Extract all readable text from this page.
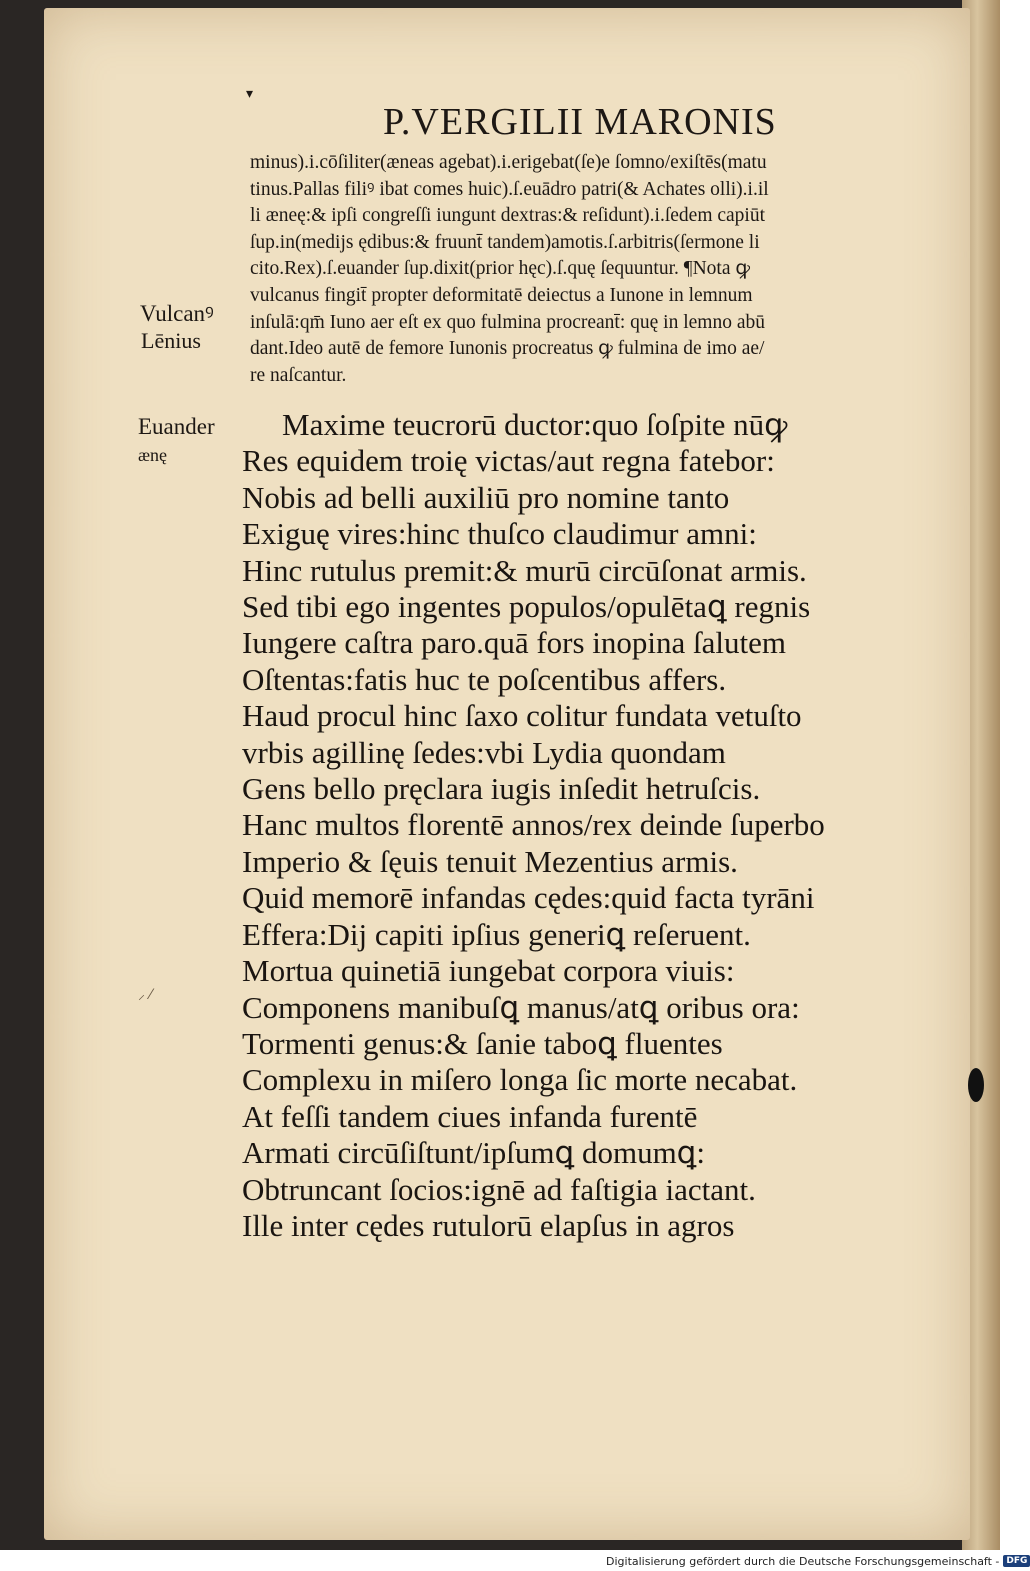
▾
P.VERGILII MARONIS
minus).i.cōſiliter(æneas agebat).i.erigebat(ſe)e ſomno/exiſtēs(matu
tinus.Pallas filiꝰ ibat comes huic).ſ.euādro patri(& Achates olli).i.il
li æneę:& ipſi congreſſi iungunt dextras:& reſidunt).i.ſedem capiūt
ſup.in(medijs ędibus:& fruunt̄ tandem)amotis.ſ.arbitris(ſermone li
cito.Rex).ſ.euander ſup.dixit(prior hęc).ſ.quę ſequuntur. ¶Nota ꝙ
vulcanus fingit̄ propter deformitatē deiectus a Iunone in lemnum
inſulā:qm̄ Iuno aer eſt ex quo fulmina procreant̄: quę in lemno abū
dant.Ideo autē de femore Iunonis procreatus ꝙ fulmina de imo ae/
re naſcantur.
Vulcanꝰ
Lēnius
Euander
ænę
Maxime teucrorū ductor:quo ſoſpite nūꝙ
Res equidem troię victas/aut regna fatebor:
Nobis ad belli auxiliū pro nomine tanto
Exiguę vires:hinc thuſco claudimur amni:
Hinc rutulus premit:& murū circūſonat armis.
Sed tibi ego ingentes populos/opulētaꝗ regnis
Iungere caſtra paro.quā fors inopina ſalutem
Oſtentas:fatis huc te poſcentibus affers.
Haud procul hinc ſaxo colitur fundata vetuſto
vrbis agillinę ſedes:vbi Lydia quondam
Gens bello pręclara iugis inſedit hetruſcis.
Hanc multos florentē annos/rex deinde ſuperbo
Imperio & ſęuis tenuit Mezentius armis.
Quid memorē infandas cędes:quid facta tyrāni
Effera:Dij capiti ipſius generiꝗ reſeruent.
Mortua quinetiā iungebat corpora viuis:
Componens manibuſꝗ manus/atꝗ oribus ora:
Tormenti genus:& ſanie taboꝗ fluentes
Complexu in miſero longa ſic morte necabat.
At feſſi tandem ciues infanda furentē
Armati circūſiſtunt/ipſumꝗ domumꝗ:
Obtruncant ſocios:ignē ad faſtigia iactant.
Ille inter cędes rutulorū elapſus in agros
⸝ ⁄
Digitalisierung gefördert durch die Deutsche Forschungsgemeinschaft - DFG
